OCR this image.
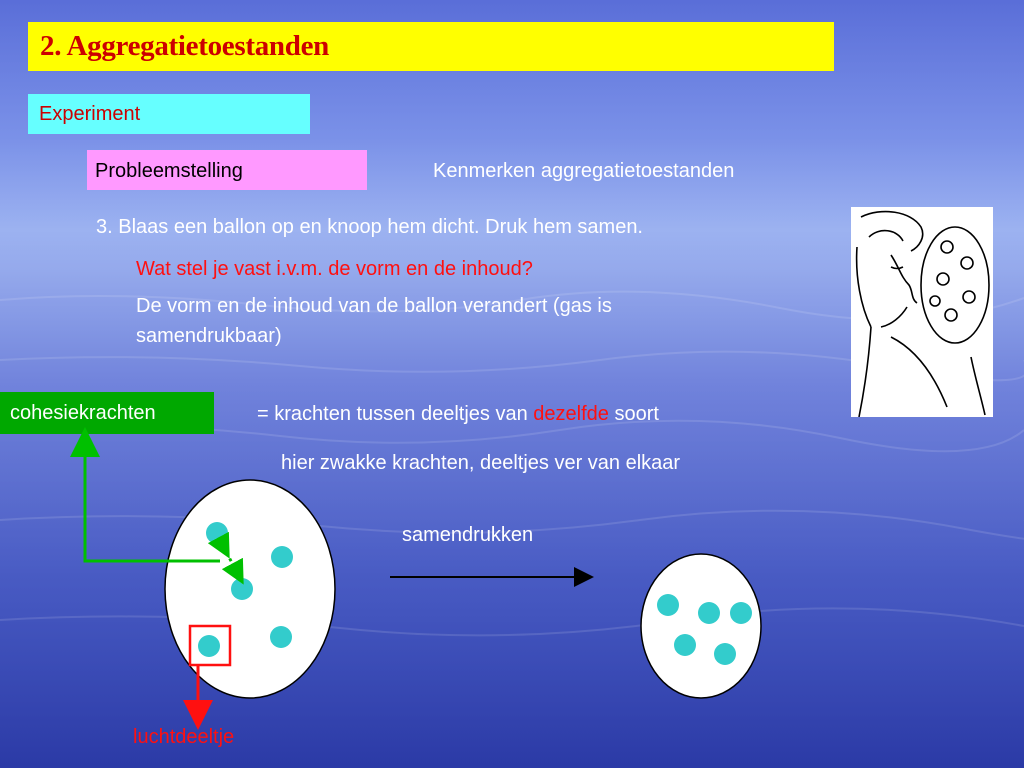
2. Aggregatietoestanden
Experiment
Probleemstelling	Kenmerken aggregatietoestanden
3. Blaas een ballon op en knoop hem dicht. Druk hem samen.
Wat stel je vast i.v.m. de vorm en de inhoud?
De vorm en de inhoud van de ballon verandert (gas is
samendrukbaar)
cohesiekrachten	= krachten tussen deeltjes van dezelfde soort
hier zwakke krachten, deeltjes ver van elkaar
samendrukken
luchtdeeltje
